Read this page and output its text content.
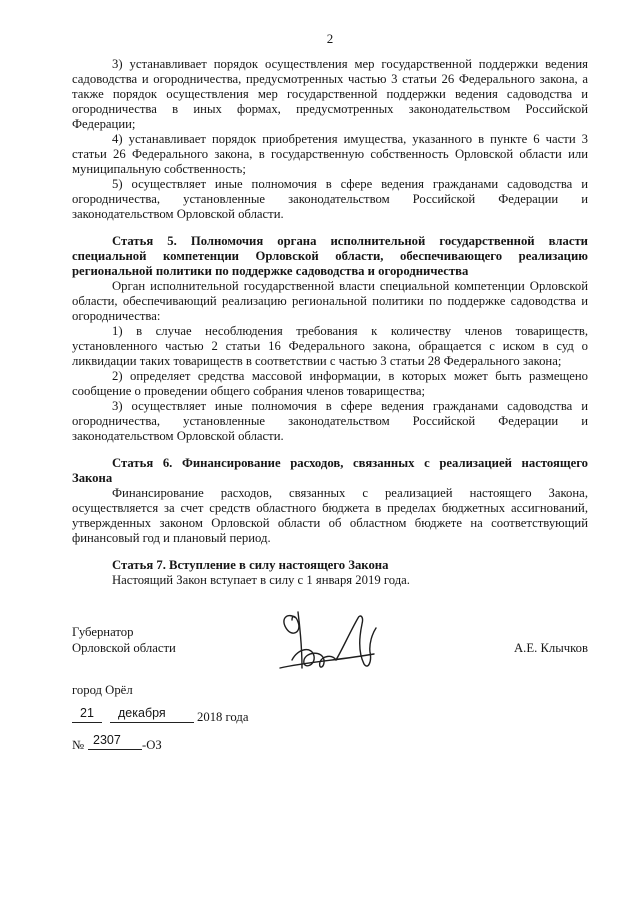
2
3) устанавливает порядок осуществления мер государственной поддержки ведения
садоводства и огородничества, предусмотренных частью 3 статьи 26 Федерального закона, а
также порядок осуществления мер государственной поддержки ведения садоводства и
огородничества в иных формах, предусмотренных законодательством Российской
Федерации;
4) устанавливает порядок приобретения имущества, указанного в пункте 6 части 3
статьи 26 Федерального закона, в государственную собственность Орловской области или
муниципальную собственность;
5) осуществляет иные полномочия в сфере ведения гражданами садоводства и
огородничества, установленные законодательством Российской Федерации и
законодательством Орловской области.
Статья 5. Полномочия органа исполнительной государственной власти
специальной компетенции Орловской области, обеспечивающего реализацию
региональной политики по поддержке садоводства и огородничества
Орган исполнительной государственной власти специальной компетенции Орловской
области, обеспечивающий реализацию региональной политики по поддержке садоводства и
огородничества:
1) в случае несоблюдения требования к количеству членов товариществ,
установленного частью 2 статьи 16 Федерального закона, обращается с иском в суд о
ликвидации таких товариществ в соответствии с частью 3 статьи 28 Федерального закона;
2) определяет средства массовой информации, в которых может быть размещено
сообщение о проведении общего собрания членов товарищества;
3) осуществляет иные полномочия в сфере ведения гражданами садоводства и
огородничества, установленные законодательством Российской Федерации и
законодательством Орловской области.
Статья 6. Финансирование расходов, связанных с реализацией настоящего
Закона
Финансирование расходов, связанных с реализацией настоящего Закона,
осуществляется за счет средств областного бюджета в пределах бюджетных ассигнований,
утвержденных законом Орловской области об областном бюджете на соответствующий
финансовый год и плановый период.
Статья 7. Вступление в силу настоящего Закона
Настоящий Закон вступает в силу с 1 января 2019 года.
Губернатор
Орловской области	А.Е. Клычков
город Орёл
21	декабря	2018 года
№ 2307	-ОЗ
